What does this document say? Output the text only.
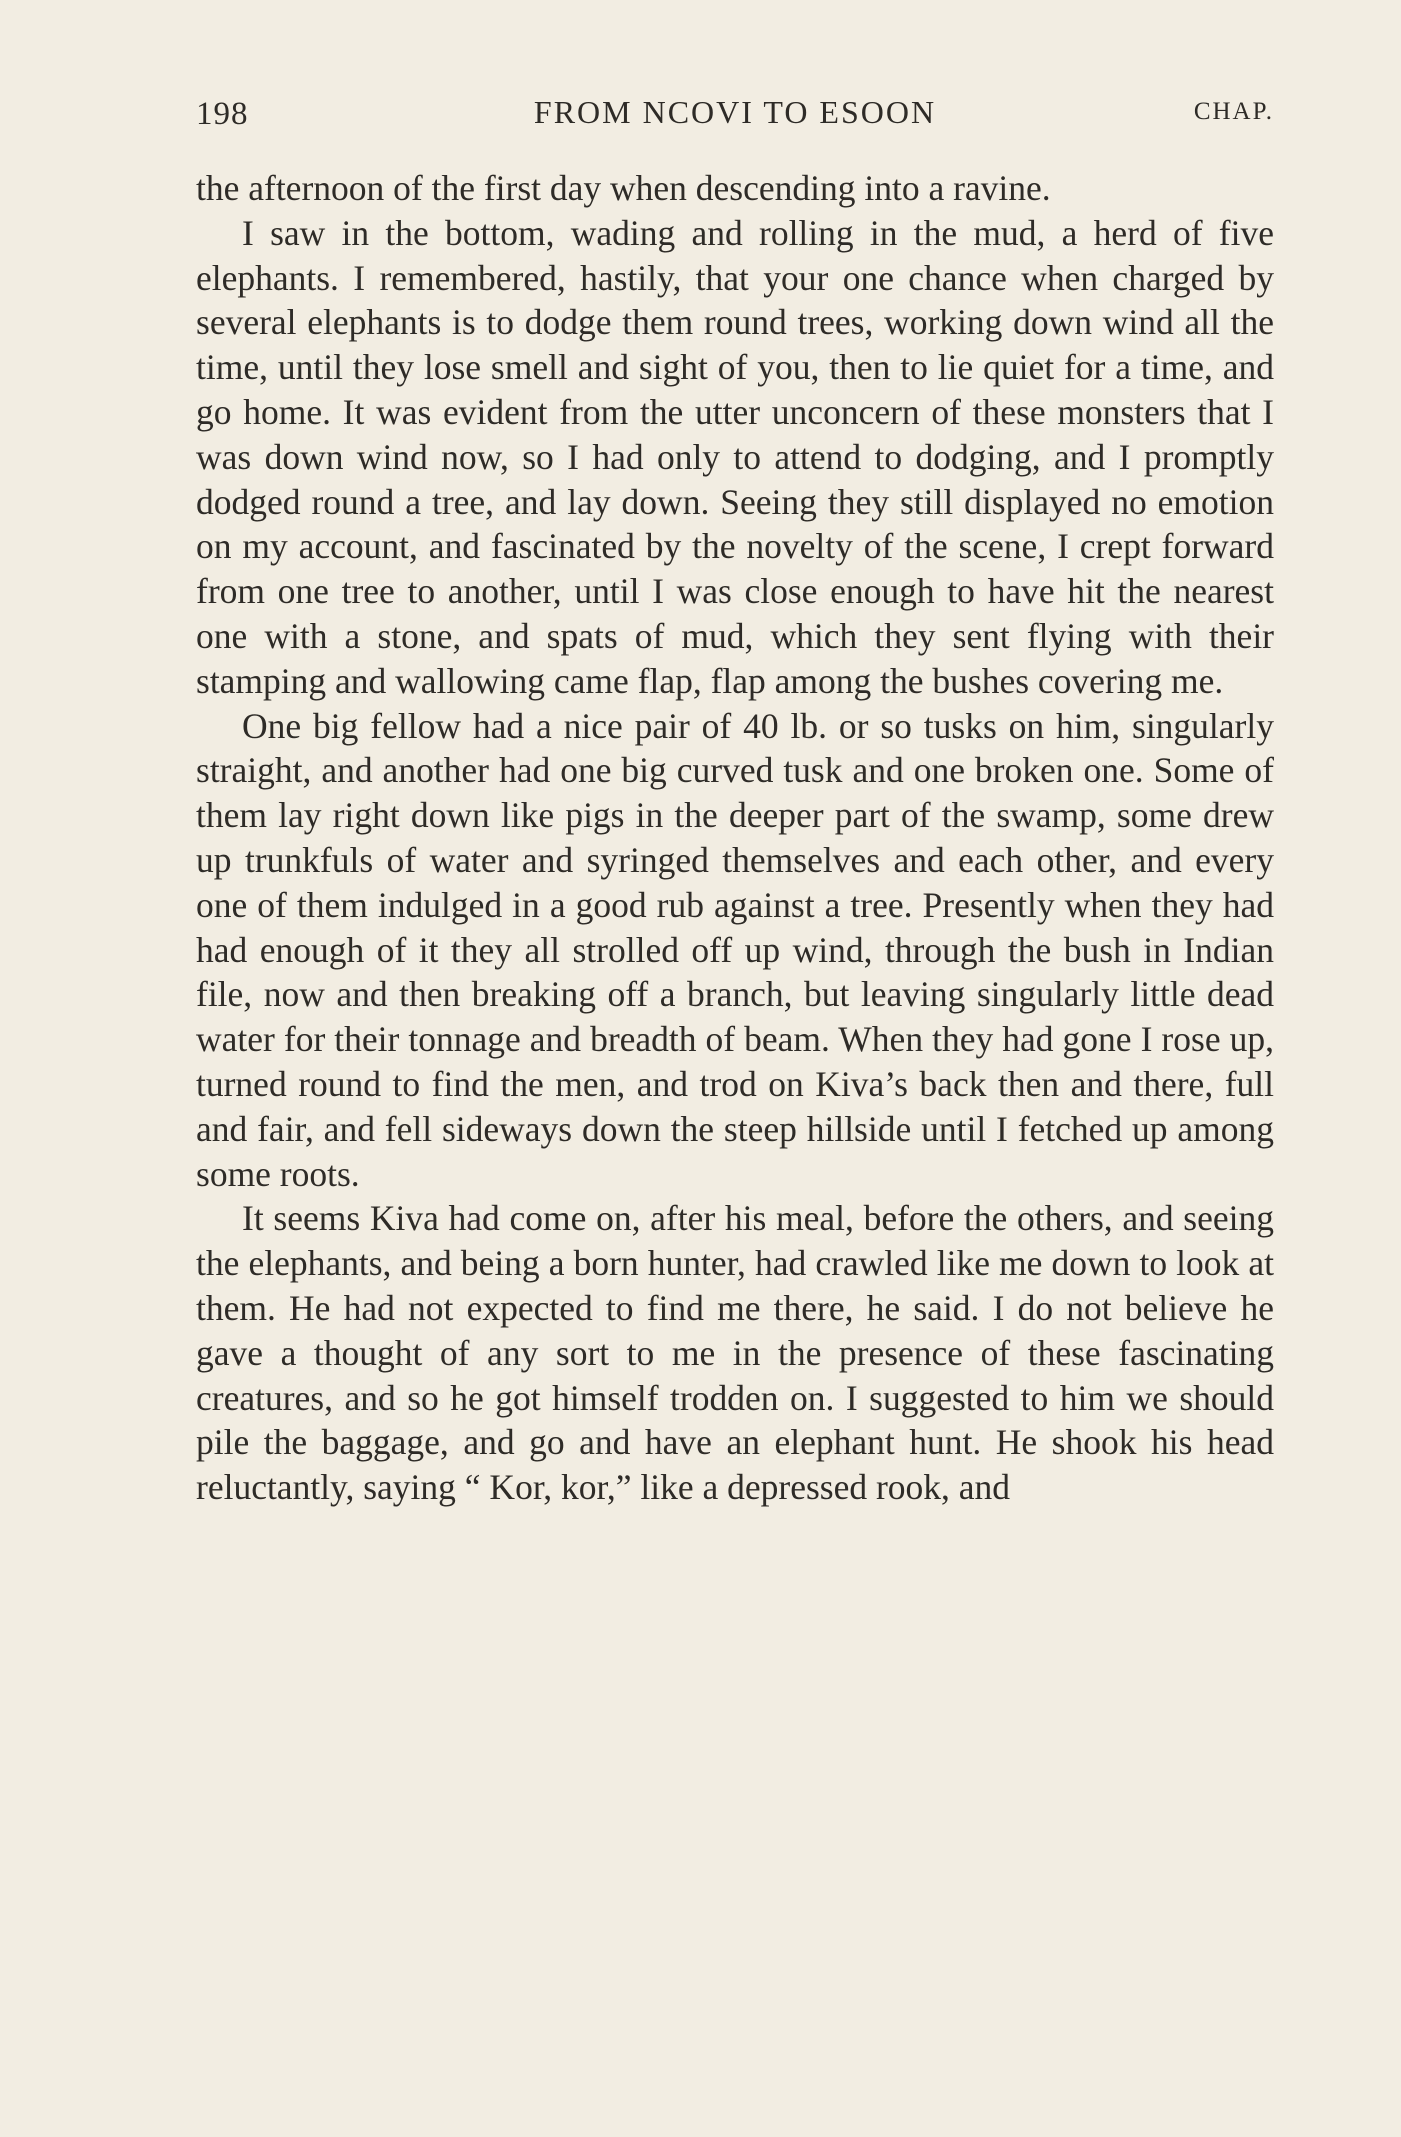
198	FROM NCOVI TO ESOON	CHAP.

the afternoon of the first day when descending into a ravine.

I saw in the bottom, wading and rolling in the mud, a herd of five elephants. I remembered, hastily, that your one chance when charged by several elephants is to dodge them round trees, working down wind all the time, until they lose smell and sight of you, then to lie quiet for a time, and go home. It was evident from the utter unconcern of these monsters that I was down wind now, so I had only to attend to dodging, and I promptly dodged round a tree, and lay down. Seeing they still displayed no emotion on my account, and fascinated by the novelty of the scene, I crept forward from one tree to another, until I was close enough to have hit the nearest one with a stone, and spats of mud, which they sent flying with their stamping and wallowing came flap, flap among the bushes covering me.

One big fellow had a nice pair of 40 lb. or so tusks on him, singularly straight, and another had one big curved tusk and one broken one. Some of them lay right down like pigs in the deeper part of the swamp, some drew up trunkfuls of water and syringed themselves and each other, and every one of them indulged in a good rub against a tree. Presently when they had had enough of it they all strolled off up wind, through the bush in Indian file, now and then breaking off a branch, but leaving singularly little dead water for their tonnage and breadth of beam. When they had gone I rose up, turned round to find the men, and trod on Kiva’s back then and there, full and fair, and fell sideways down the steep hillside until I fetched up among some roots.

It seems Kiva had come on, after his meal, before the others, and seeing the elephants, and being a born hunter, had crawled like me down to look at them. He had not expected to find me there, he said. I do not believe he gave a thought of any sort to me in the presence of these fascinating creatures, and so he got himself trodden on. I suggested to him we should pile the baggage, and go and have an elephant hunt. He shook his head reluctantly, saying “ Kor, kor,” like a depressed rook, and
